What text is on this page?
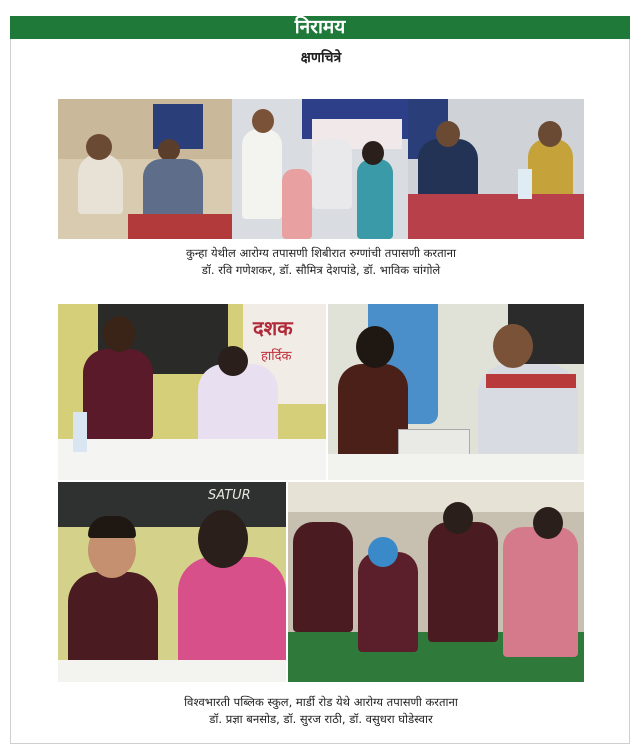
निरामय
क्षणचित्रे
कुन्हा येथील आरोग्य तपासणी शिबीरात रुग्णांची तपासणी करताना
डॉ. रवि गणेशकर, डॉ. सौमित्र देशपांडे, डॉ. भाविक चांगोले
दशक
हार्दिक
SATUR
विश्वभारती पब्लिक स्कुल, मार्डी रोड येथे आरोग्य तपासणी करताना
डॉ. प्रज्ञा बनसोड, डॉ. सुरज राठी, डॉ. वसुधरा घोडेस्वार
